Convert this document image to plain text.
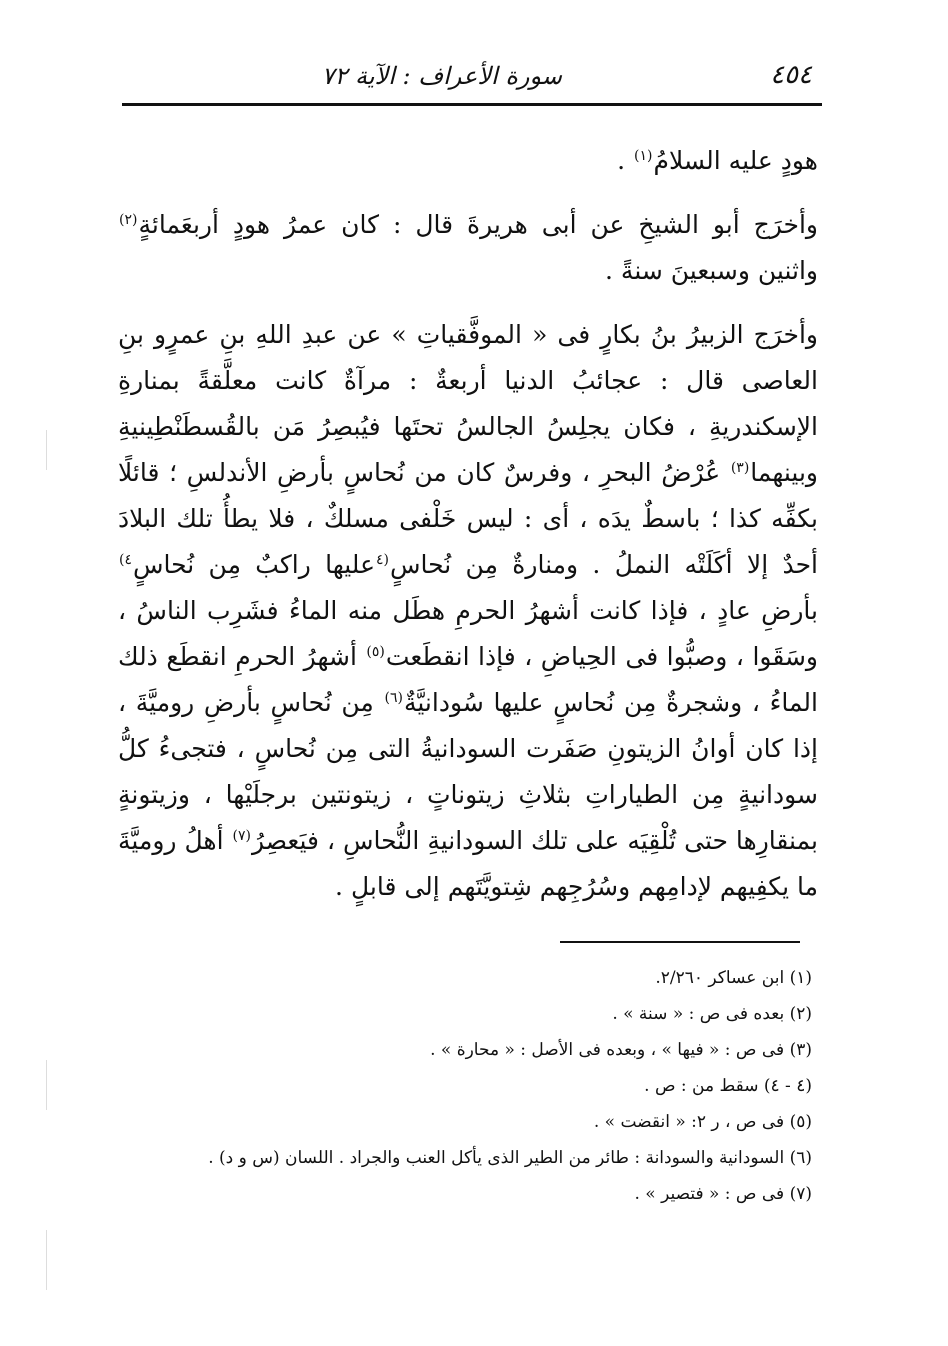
٤٥٤
سورة الأعراف : الآية ٧٢

هودٍ عليه السلامُ$^{(١)}$ .

وأخرَج أبو الشيخِ عن أبى هريرةَ قال : كان عمرُ هودٍ أربعَمائةٍ$^{(٢)}$ واثنين وسبعينَ سنةً .

وأخرَج الزبيرُ بنُ بكارٍ فى « الموفَّقياتِ » عن عبدِ اللهِ بنِ عمرٍو بنِ العاصى قال : عجائبُ الدنيا أربعةٌ : مرآةٌ كانت معلَّقةً بمنارةِ الإسكندريةِ ، فكان يجلِسُ الجالسُ تحتَها فيُبصِرُ مَن بالقُسطَنْطِينيةِ وبينهما$^{(٣)}$ عُرْضُ البحرِ ، وفرسٌ كان من نُحاسٍ بأرضِ الأندلسِ ؛ قائلًا بكفِّه كذا ؛ باسطٌ يدَه ، أى : ليس خَلْفى مسلكٌ ، فلا يطأُ تلك البلادَ أحدٌ إلا أكَلَتْه النملُ . ومنارةٌ مِن نُحاسٍ$^{(٤}$عليها راكبٌ مِن نُحاسٍ$^{٤)}$ بأرضِ عادٍ ، فإذا كانت أشهرُ الحرمِ هطَل منه الماءُ فشَرِب الناسُ ، وسَقَوا ، وصبُّوا فى الحِياضِ ، فإذا انقطَعت$^{(٥)}$ أشهرُ الحرمِ انقطَع ذلك الماءُ ، وشجرةٌ مِن نُحاسٍ عليها سُودانيَّةٌ$^{(٦)}$ مِن نُحاسٍ بأرضِ روميَّةَ ، إذا كان أوانُ الزيتونِ صَفَرت السودانيةُ التى مِن نُحاسٍ ، فتجىءُ كلُّ سودانيةٍ مِن الطياراتِ بثلاثِ زيتوناتٍ ، زيتونتين برجلَيْها ، وزيتونةٍ بمنقارِها حتى تُلْقِيَه على تلك السودانيةِ النُّحاسِ ، فيَعصِرُ$^{(٧)}$ أهلُ روميَّةَ ما يكفِيهم لإدامِهم وسُرُجِهم شِتويَّتَهم إلى قابلٍ .

(١) ابن عساكر ٢/٢٦٠.

(٢) بعده فى ص : « سنة » .

(٣) فى ص : « فيها » ، وبعده فى الأصل : « محارة » .

(٤ - ٤) سقط من : ص .

(٥) فى ص ، ر ٢: « انقضت » .

(٦) السودانية والسودانة : طائر من الطير الذى يأكل العنب والجراد . اللسان (س و د) .

(٧) فى ص : « فتصير » .
